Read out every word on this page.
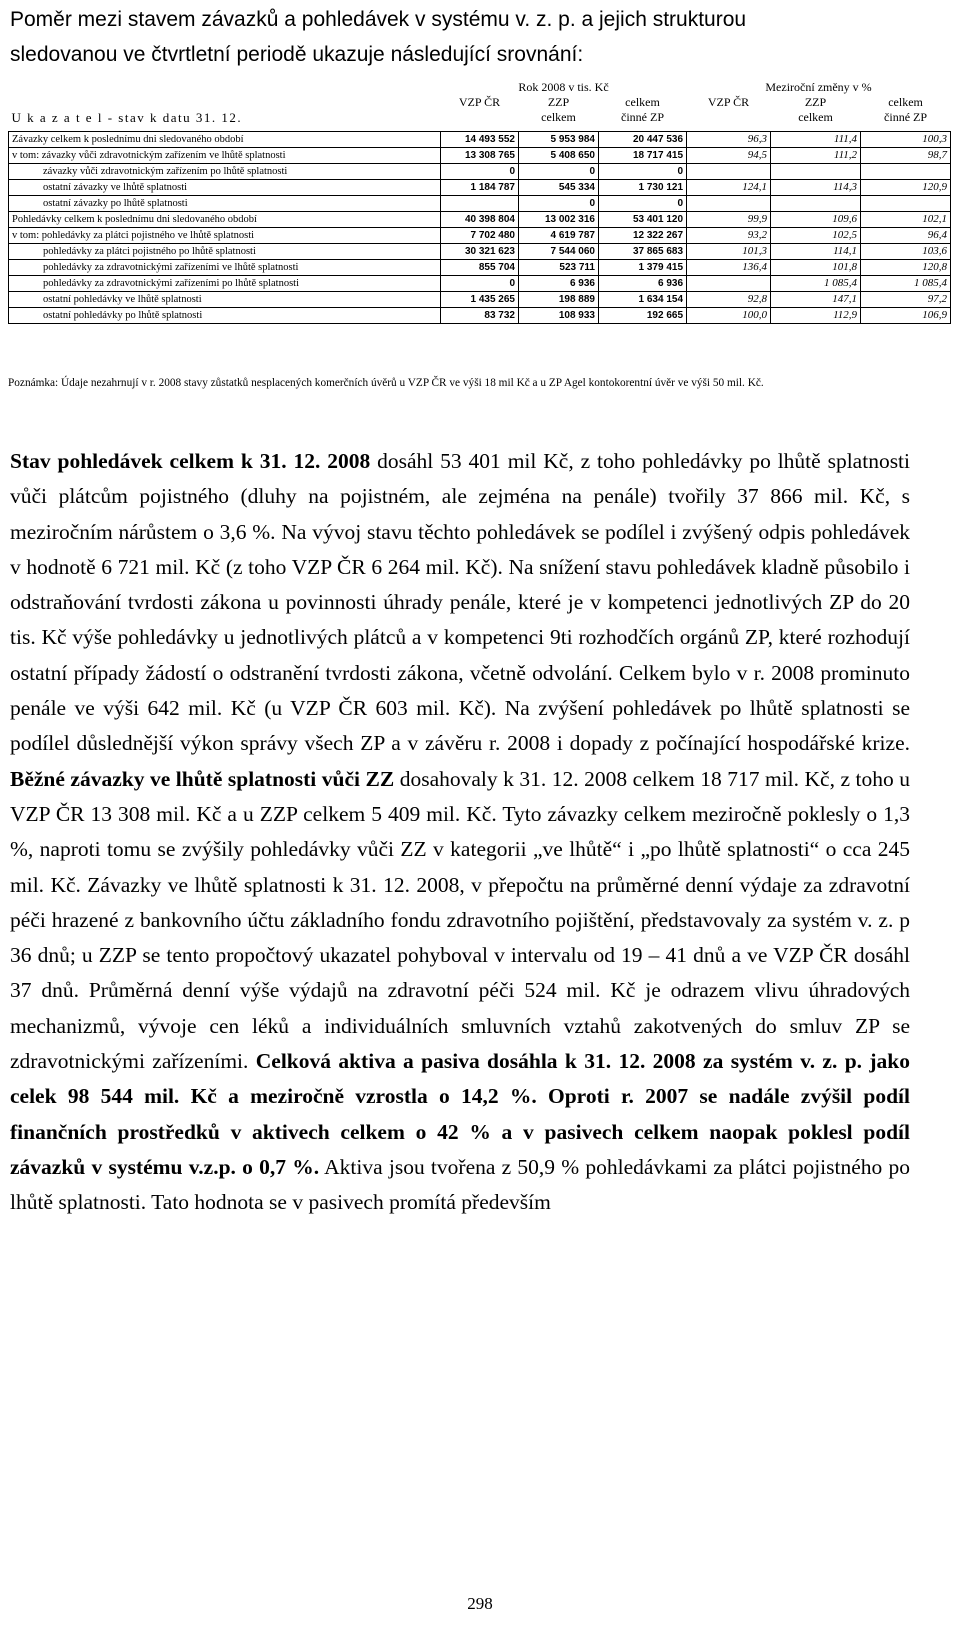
Poměr mezi stavem závazků a pohledávek v systému v. z. p. a jejich strukturou
sledovanou ve čtvrtletní periodě ukazuje následující srovnání:
	Rok 2008 v tis. Kč			Meziroční změny v %		
	VZP ČR	ZZP	celkem	VZP ČR	ZZP	celkem
U k a z a t e l - stav k datu 31. 12.		celkem	činné ZP		celkem	činné ZP

Závazky celkem k poslednímu dni sledovaného období	14 493 552	5 953 984	20 447 536	96,3	111,4	100,3
v tom: závazky vůči zdravotnickým zařízením ve lhůtě splatnosti	13 308 765	5 408 650	18 717 415	94,5	111,2	98,7
závazky vůči zdravotnickým zařízením po lhůtě splatnosti	0	0	0			
ostatní závazky ve lhůtě splatnosti	1 184 787	545 334	1 730 121	124,1	114,3	120,9
ostatní závazky po lhůtě splatnosti		0	0			
Pohledávky celkem k poslednímu dni sledovaného období	40 398 804	13 002 316	53 401 120	99,9	109,6	102,1
v tom: pohledávky za plátci pojistného ve lhůtě splatnosti	7 702 480	4 619 787	12 322 267	93,2	102,5	96,4
pohledávky za plátci pojistného po lhůtě splatnosti	30 321 623	7 544 060	37 865 683	101,3	114,1	103,6
pohledávky za zdravotnickými zařízeními ve lhůtě splatnosti	855 704	523 711	1 379 415	136,4	101,8	120,8
pohledávky za zdravotnickými zařízeními po lhůtě splatnosti	0	6 936	6 936		1 085,4	1 085,4
ostatní pohledávky ve lhůtě splatnosti	1 435 265	198 889	1 634 154	92,8	147,1	97,2
ostatní pohledávky po lhůtě splatnosti	83 732	108 933	192 665	100,0	112,9	106,9
Poznámka: Údaje nezahrnují v r. 2008 stavy zůstatků nesplacených komerčních úvěrů u VZP ČR ve výši 18 mil Kč a u ZP Agel kontokorentní úvěr ve výši 50 mil. Kč.
Stav pohledávek celkem k 31. 12. 2008 dosáhl 53 401 mil Kč, z toho pohledávky po lhůtě splatnosti vůči plátcům pojistného (dluhy na pojistném, ale zejména na penále) tvořily 37 866 mil. Kč, s meziročním nárůstem o 3,6 %. Na vývoj stavu těchto pohledávek se podílel i zvýšený odpis pohledávek v hodnotě 6 721 mil. Kč (z toho VZP ČR 6 264 mil. Kč). Na snížení stavu pohledávek kladně působilo i odstraňování tvrdosti zákona u povinnosti úhrady penále, které je v kompetenci jednotlivých ZP do 20 tis. Kč výše pohledávky u jednotlivých plátců a v kompetenci 9ti rozhodčích orgánů ZP, které rozhodují ostatní případy žádostí o odstranění tvrdosti zákona, včetně odvolání. Celkem bylo v r. 2008 prominuto penále ve výši 642 mil. Kč (u VZP ČR 603 mil. Kč). Na zvýšení pohledávek po lhůtě splatnosti se podílel důslednější výkon správy všech ZP a v závěru r. 2008 i dopady z počínající hospodářské krize. Běžné závazky ve lhůtě splatnosti vůči ZZ dosahovaly k 31. 12. 2008 celkem 18 717 mil. Kč, z toho u VZP ČR 13 308 mil. Kč a u ZZP celkem 5 409 mil. Kč. Tyto závazky celkem meziročně poklesly o 1,3 %, naproti tomu se zvýšily pohledávky vůči ZZ v kategorii „ve lhůtě“ i „po lhůtě splatnosti“ o cca 245 mil. Kč. Závazky ve lhůtě splatnosti k 31. 12. 2008, v přepočtu na průměrné denní výdaje za zdravotní péči hrazené z bankovního účtu základního fondu zdravotního pojištění, představovaly za systém v. z. p 36 dnů; u ZZP se tento propočtový ukazatel pohyboval v intervalu od 19 – 41 dnů a ve VZP ČR dosáhl 37 dnů. Průměrná denní výše výdajů na zdravotní péči 524 mil. Kč je odrazem vlivu úhradových mechanizmů, vývoje cen léků a individuálních smluvních vztahů zakotvených do smluv ZP se zdravotnickými zařízeními. Celková aktiva a pasiva dosáhla k 31. 12. 2008 za systém v. z. p. jako celek 98 544 mil. Kč a meziročně vzrostla o 14,2 %. Oproti r. 2007 se nadále zvýšil podíl finančních prostředků v aktivech celkem o 42 % a v pasivech celkem naopak poklesl podíl závazků v systému v.z.p. o 0,7 %. Aktiva jsou tvořena z 50,9 % pohledávkami za plátci pojistného po lhůtě splatnosti. Tato hodnota se v pasivech promítá především
298
